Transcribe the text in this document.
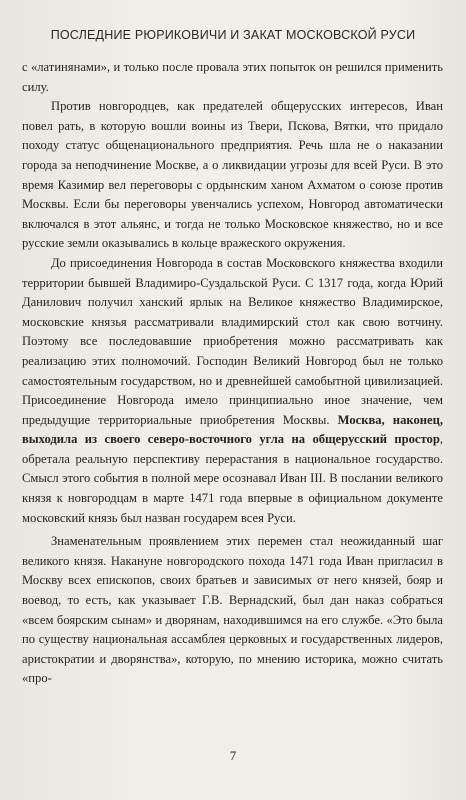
ПОСЛЕДНИЕ РЮРИКОВИЧИ И ЗАКАТ МОСКОВСКОЙ РУСИ

с «латинянами», и только после провала этих попыток он решился применить силу.

Против новгородцев, как предателей общерусских интересов, Иван повел рать, в которую вошли воины из Твери, Пскова, Вятки, что придало походу статус общенационального предприятия. Речь шла не о наказании города за неподчинение Москве, а о ликвидации угрозы для всей Руси. В это время Казимир вел переговоры с ордынским ханом Ахматом о союзе против Москвы. Если бы переговоры увенчались успехом, Новгород автоматически включался в этот альянс, и тогда не только Московское княжество, но и все русские земли оказывались в кольце вражеского окружения.

До присоединения Новгорода в состав Московского княжества входили территории бывшей Владимиро-Суздальской Руси. С 1317 года, когда Юрий Данилович получил ханский ярлык на Великое княжество Владимирское, московские князья рассматривали владимирский стол как свою вотчину. Поэтому все последовавшие приобретения можно рассматривать как реализацию этих полномочий. Господин Великий Новгород был не только самостоятельным государством, но и древнейшей самобытной цивилизацией. Присоединение Новгорода имело принципиально иное значение, чем предыдущие территориальные приобретения Москвы. Москва, наконец, выходила из своего северо-восточного угла на общерусский простор, обретала реальную перспективу перерастания в национальное государство. Смысл этого события в полной мере осознавал Иван III. В послании великого князя к новгородцам в марте 1471 года впервые в официальном документе московский князь был назван государем всея Руси.

Знаменательным проявлением этих перемен стал неожиданный шаг великого князя. Накануне новгородского похода 1471 года Иван пригласил в Москву всех епископов, своих братьев и зависимых от него князей, бояр и воевод, то есть, как указывает Г.В. Вернадский, был дан наказ собраться «всем боярским сынам» и дворянам, находившимся на его службе. «Это была по существу национальная ассамблея церковных и государственных лидеров, аристократии и дворянства», которую, по мнению историка, можно считать «про-

7
